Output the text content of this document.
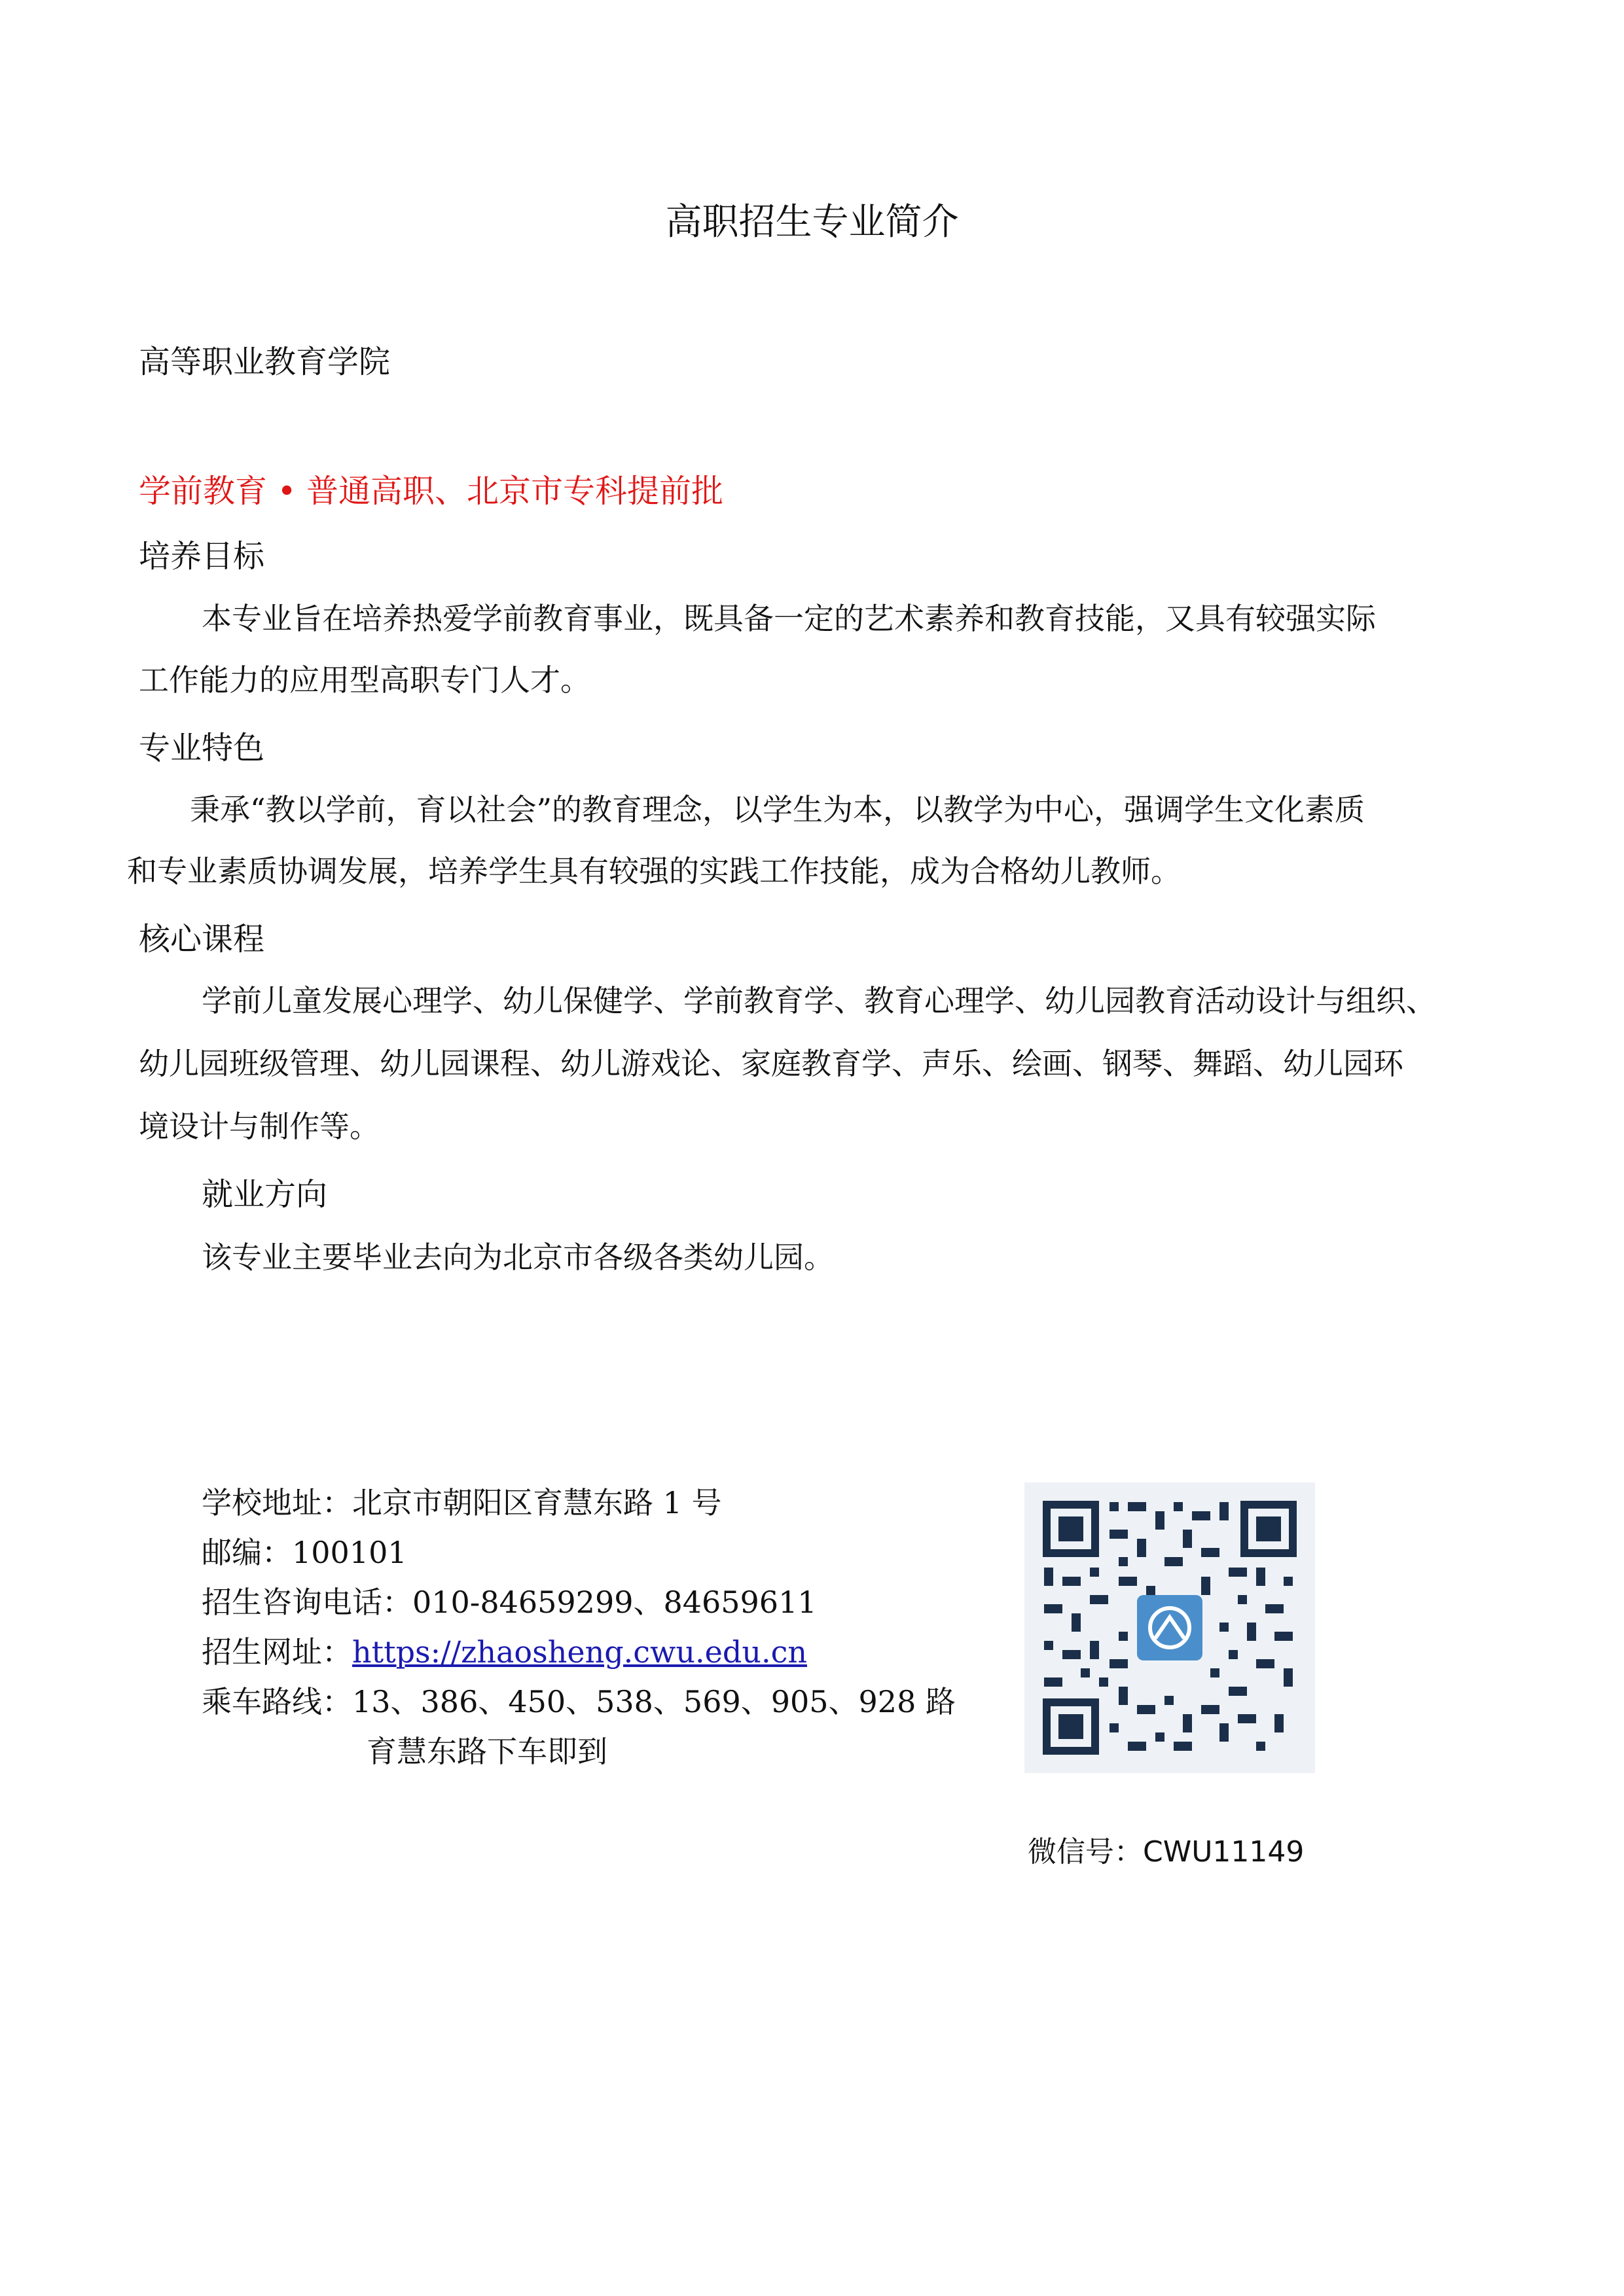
高职招生专业简介
高等职业教育学院
学前教育 • 普通高职、北京市专科提前批
培养目标
本专业旨在培养热爱学前教育事业，既具备一定的艺术素养和教育技能，又具有较强实际
工作能力的应用型高职专门人才。
专业特色
秉承“教以学前，育以社会”的教育理念，以学生为本，以教学为中心，强调学生文化素质
和专业素质协调发展，培养学生具有较强的实践工作技能，成为合格幼儿教师。
核心课程
学前儿童发展心理学、幼儿保健学、学前教育学、教育心理学、幼儿园教育活动设计与组织、
幼儿园班级管理、幼儿园课程、幼儿游戏论、家庭教育学、声乐、绘画、钢琴、舞蹈、幼儿园环
境设计与制作等。
就业方向
该专业主要毕业去向为北京市各级各类幼儿园。
学校地址：北京市朝阳区育慧东路 1 号
邮编：100101
招生咨询电话：010-84659299、84659611
招生网址：https://zhaosheng.cwu.edu.cn
乘车路线：13、386、450、538、569、905、928 路
育慧东路下车即到
微信号：CWU11149
